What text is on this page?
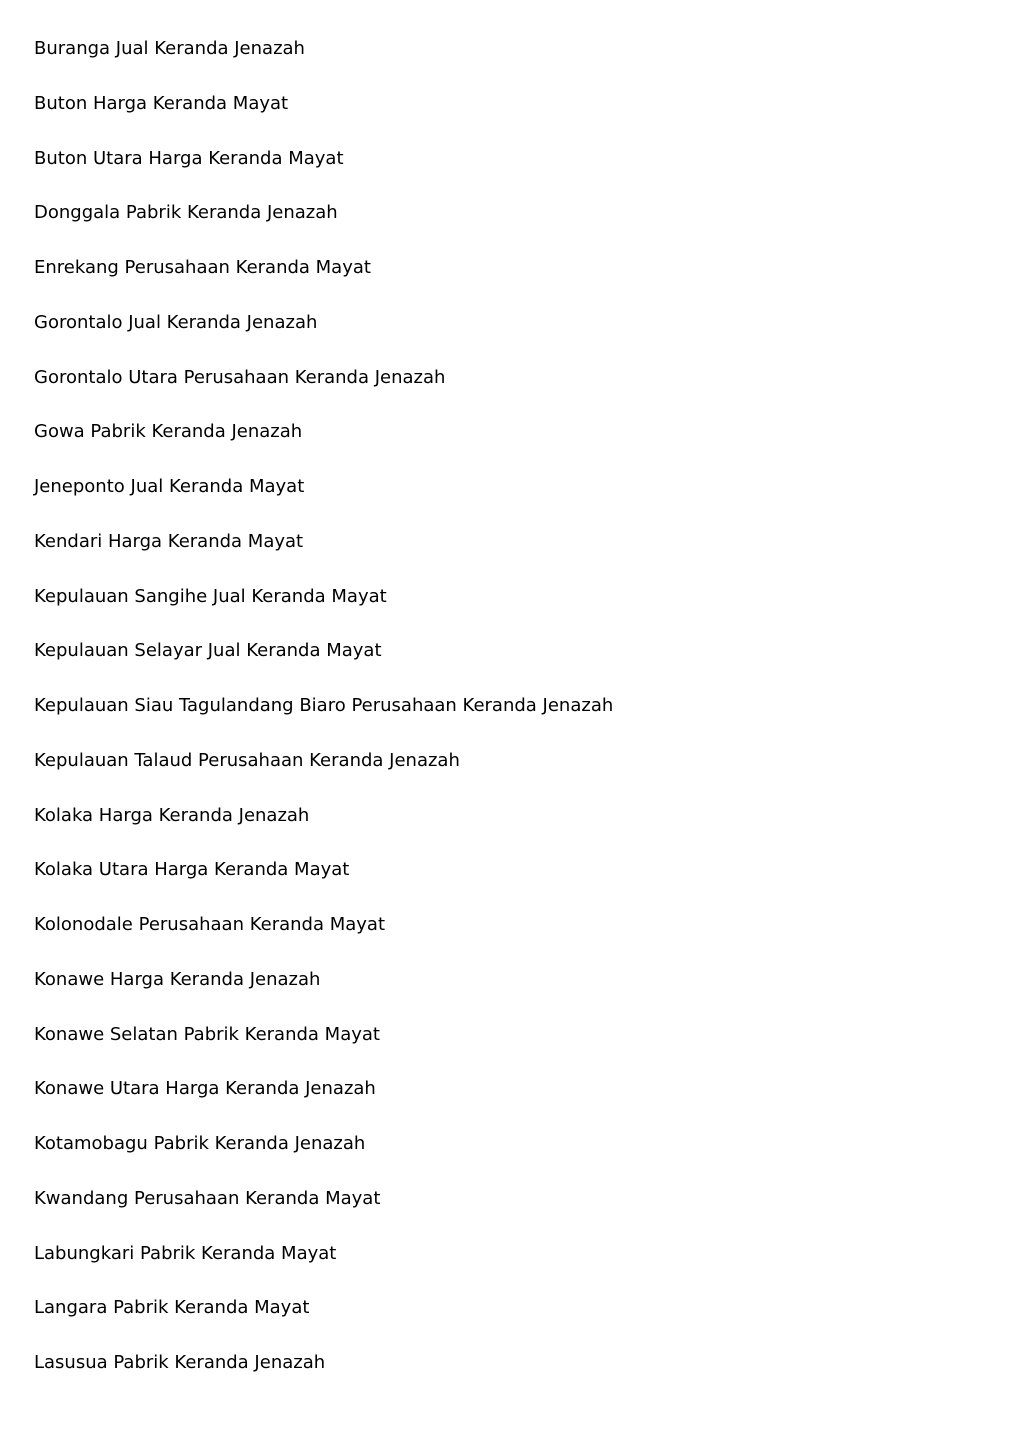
Buranga Jual Keranda Jenazah
Buton Harga Keranda Mayat
Buton Utara Harga Keranda Mayat
Donggala Pabrik Keranda Jenazah
Enrekang Perusahaan Keranda Mayat
Gorontalo Jual Keranda Jenazah
Gorontalo Utara Perusahaan Keranda Jenazah
Gowa Pabrik Keranda Jenazah
Jeneponto Jual Keranda Mayat
Kendari Harga Keranda Mayat
Kepulauan Sangihe Jual Keranda Mayat
Kepulauan Selayar Jual Keranda Mayat
Kepulauan Siau Tagulandang Biaro Perusahaan Keranda Jenazah
Kepulauan Talaud Perusahaan Keranda Jenazah
Kolaka Harga Keranda Jenazah
Kolaka Utara Harga Keranda Mayat
Kolonodale Perusahaan Keranda Mayat
Konawe Harga Keranda Jenazah
Konawe Selatan Pabrik Keranda Mayat
Konawe Utara Harga Keranda Jenazah
Kotamobagu Pabrik Keranda Jenazah
Kwandang Perusahaan Keranda Mayat
Labungkari Pabrik Keranda Mayat
Langara Pabrik Keranda Mayat
Lasusua Pabrik Keranda Jenazah
